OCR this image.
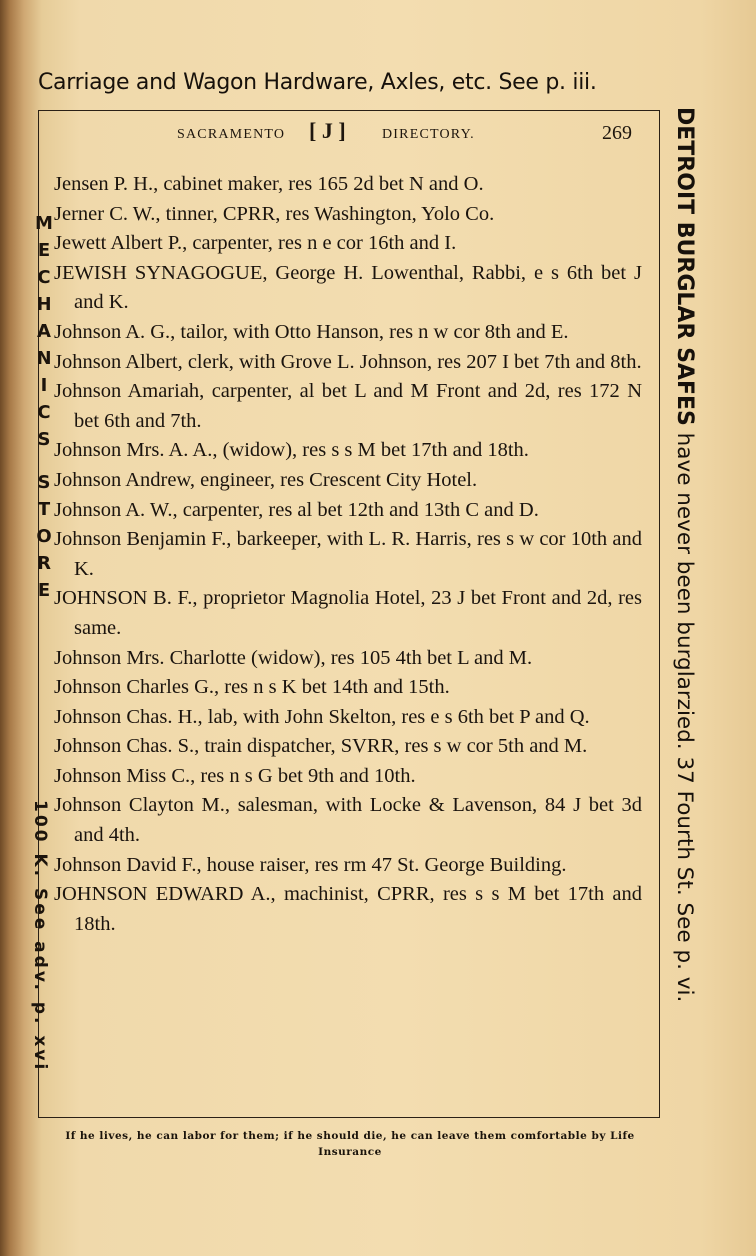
Carriage and Wagon Hardware, Axles, etc. See p. iii.
SACRAMENTO [ J ]	DIRECTORY.	269

Jensen P. H., cabinet maker, res 165 2d bet N and O.

Jerner C. W., tinner, CPRR, res Washington, Yolo Co.

Jewett Albert P., carpenter, res n e cor 16th and I.

JEWISH SYNAGOGUE, George H. Lowenthal, Rabbi, e s 6th bet J and K.

Johnson A. G., tailor, with Otto Hanson, res n w cor 8th and E.

Johnson Albert, clerk, with Grove L. Johnson, res 207 I bet 7th and 8th.

Johnson Amariah, carpenter, al bet L and M Front and 2d, res 172 N bet 6th and 7th.

Johnson Mrs. A. A., (widow), res s s M bet 17th and 18th.

Johnson Andrew, engineer, res Crescent City Hotel.

Johnson A. W., carpenter, res al bet 12th and 13th C and D.

Johnson Benjamin F., barkeeper, with L. R. Harris, res s w cor 10th and K.

JOHNSON B. F., proprietor Magnolia Hotel, 23 J bet Front and 2d, res same.

Johnson Mrs. Charlotte (widow), res 105 4th bet L and M.

Johnson Charles G., res n s K bet 14th and 15th.

Johnson Chas. H., lab, with John Skelton, res e s 6th bet P and Q.

Johnson Chas. S., train dispatcher, SVRR, res s w cor 5th and M.

Johnson Miss C., res n s G bet 9th and 10th.

Johnson Clayton M., salesman, with Locke & Lavenson, 84 J bet 3d and 4th.

Johnson David F., house raiser, res rm 47 St. George Building.

JOHNSON EDWARD A., machinist, CPRR, res s s M bet 17th and 18th.

M
E
C
H
A
N
I
C
S

S
T
O
R
E
100 K. See adv. p. xvi
DETROIT BURGLAR SAFES have never been burglarzied. 37 Fourth St. See p. vi.
If he lives, he can labor for them; if he should die, he can leave them comfortable by Life Insurance
